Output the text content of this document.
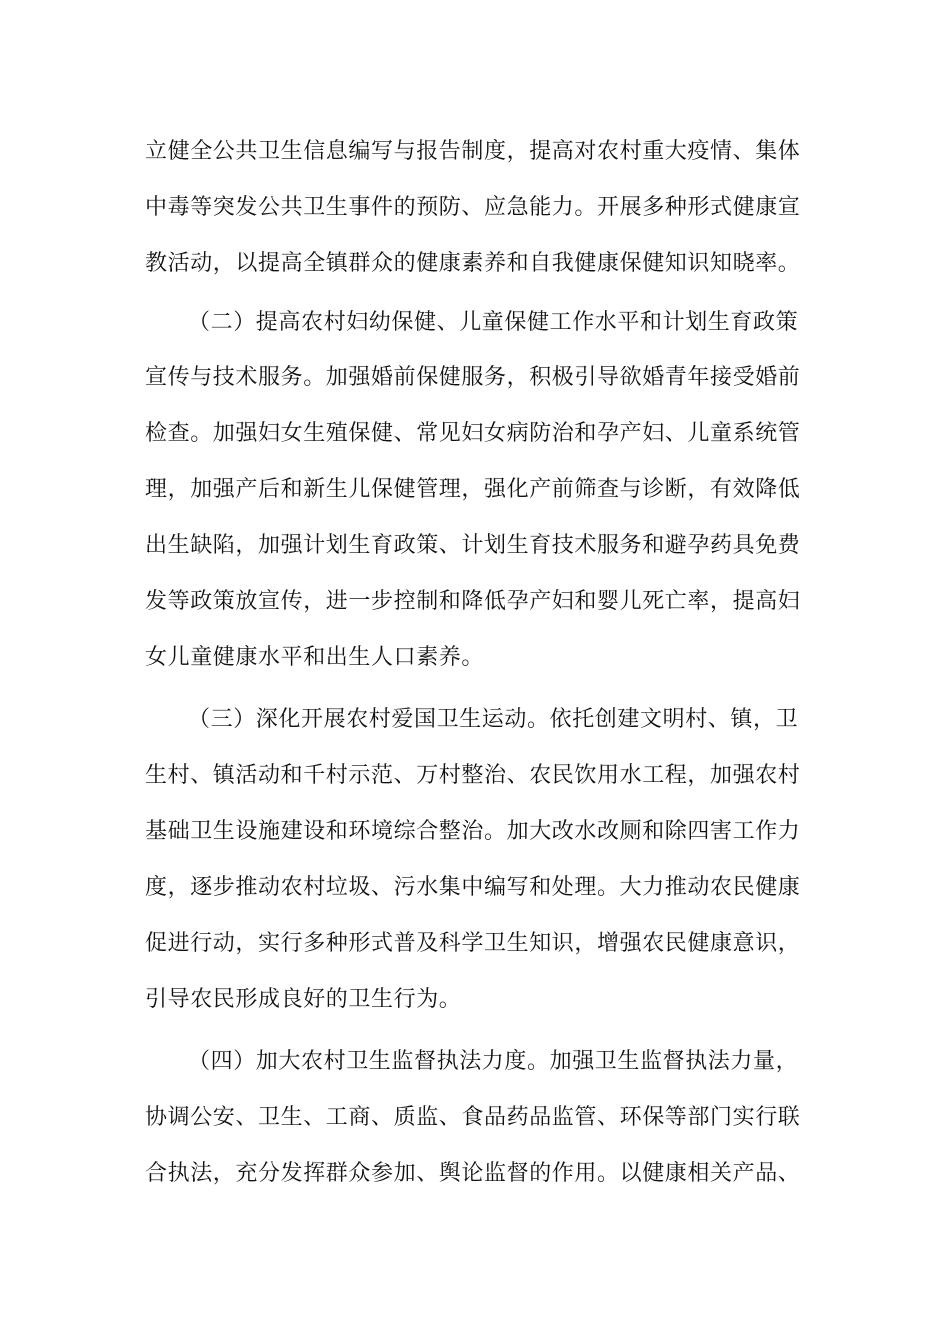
立健全公共卫生信息编写与报告制度，提高对农村重大疫情、集体
中毒等突发公共卫生事件的预防、应急能力。开展多种形式健康宣
教活动，以提高全镇群众的健康素养和自我健康保健知识知晓率。
（二）提高农村妇幼保健、儿童保健工作水平和计划生育政策
宣传与技术服务。加强婚前保健服务，积极引导欲婚青年接受婚前
检查。加强妇女生殖保健、常见妇女病防治和孕产妇、儿童系统管
理，加强产后和新生儿保健管理，强化产前筛查与诊断，有效降低
出生缺陷，加强计划生育政策、计划生育技术服务和避孕药具免费
发等政策放宣传，进一步控制和降低孕产妇和婴儿死亡率，提高妇
女儿童健康水平和出生人口素养。
（三）深化开展农村爱国卫生运动。依托创建文明村、镇，卫
生村、镇活动和千村示范、万村整治、农民饮用水工程，加强农村
基础卫生设施建设和环境综合整治。加大改水改厕和除四害工作力
度，逐步推动农村垃圾、污水集中编写和处理。大力推动农民健康
促进行动，实行多种形式普及科学卫生知识，增强农民健康意识，
引导农民形成良好的卫生行为。
（四）加大农村卫生监督执法力度。加强卫生监督执法力量，
协调公安、卫生、工商、质监、食品药品监管、环保等部门实行联
合执法，充分发挥群众参加、舆论监督的作用。以健康相关产品、
